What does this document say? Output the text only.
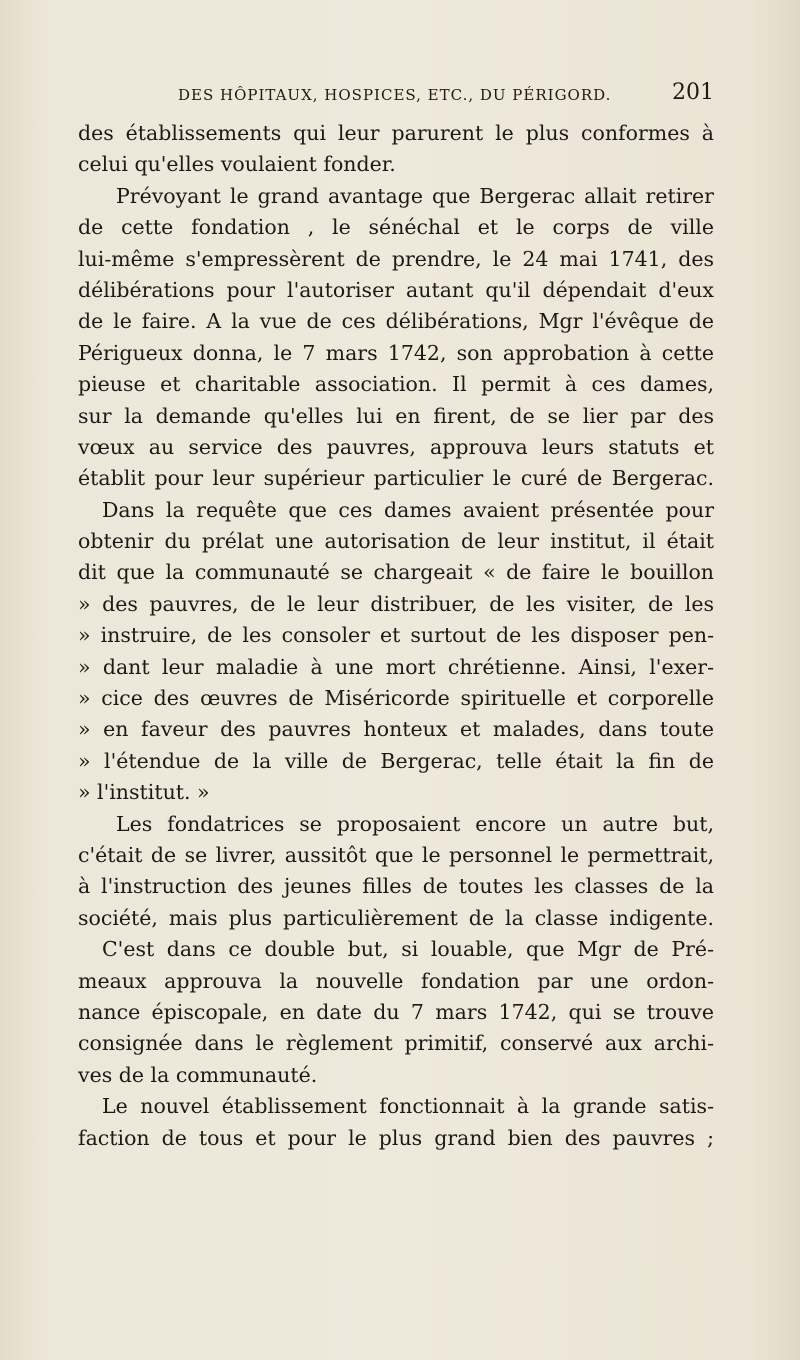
DES HÔPITAUX, HOSPICES, ETC., DU PÉRIGORD.	201
des établissements qui leur parurent le plus conformes à
celui qu'elles voulaient fonder.
Prévoyant le grand avantage que Bergerac allait retirer
de cette fondation , le sénéchal et le corps de ville
lui-même s'empressèrent de prendre, le 24 mai 1741, des
délibérations pour l'autoriser autant qu'il dépendait d'eux
de le faire. A la vue de ces délibérations, Mgr l'évêque de
Périgueux donna, le 7 mars 1742, son approbation à cette
pieuse et charitable association. Il permit à ces dames,
sur la demande qu'elles lui en firent, de se lier par des
vœux au service des pauvres, approuva leurs statuts et
établit pour leur supérieur particulier le curé de Bergerac.
Dans la requête que ces dames avaient présentée pour
obtenir du prélat une autorisation de leur institut, il était
dit que la communauté se chargeait « de faire le bouillon
» des pauvres, de le leur distribuer, de les visiter, de les
» instruire, de les consoler et surtout de les disposer pen-
» dant leur maladie à une mort chrétienne. Ainsi, l'exer-
» cice des œuvres de Miséricorde spirituelle et corporelle
» en faveur des pauvres honteux et malades, dans toute
» l'étendue de la ville de Bergerac, telle était la fin de
» l'institut. »
Les fondatrices se proposaient encore un autre but,
c'était de se livrer, aussitôt que le personnel le permettrait,
à l'instruction des jeunes filles de toutes les classes de la
société, mais plus particulièrement de la classe indigente.
C'est dans ce double but, si louable, que Mgr de Pré-
meaux approuva la nouvelle fondation par une ordon-
nance épiscopale, en date du 7 mars 1742, qui se trouve
consignée dans le règlement primitif, conservé aux archi-
ves de la communauté.
Le nouvel établissement fonctionnait à la grande satis-
faction de tous et pour le plus grand bien des pauvres ;
